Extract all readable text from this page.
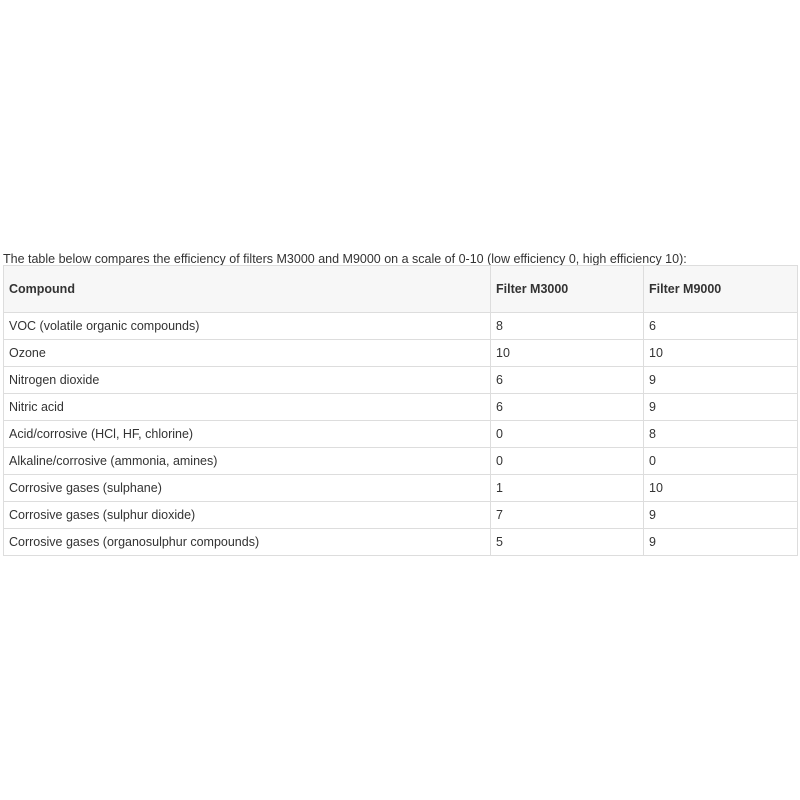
The table below compares the efficiency of filters M3000 and M9000 on a scale of 0-10 (low efficiency 0, high efficiency 10):

Compound	Filter M3000	Filter M9000
VOC (volatile organic compounds)	8	6
Ozone	10	10
Nitrogen dioxide	6	9
Nitric acid	6	9
Acid/corrosive (HCl, HF, chlorine)	0	8
Alkaline/corrosive (ammonia, amines)	0	0
Corrosive gases (sulphane)	1	10
Corrosive gases (sulphur dioxide)	7	9
Corrosive gases (organosulphur compounds)	5	9
